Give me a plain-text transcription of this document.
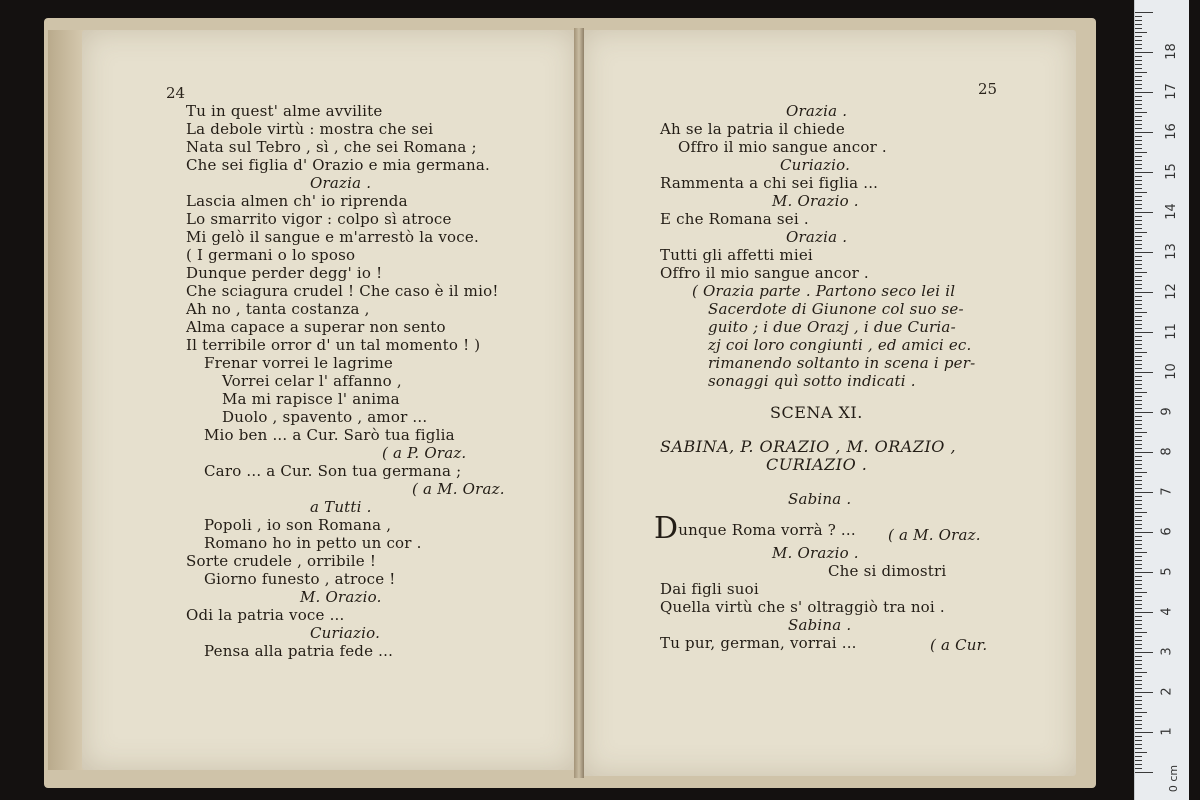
24	25
Tu in quest' alme avvilite
La debole virtù : mostra che sei
Nata sul Tebro , sì , che sei Romana ;
Che sei figlia d' Orazio e mia germana.
Orazia .
Lascia almen ch' io riprenda
Lo smarrito vigor : colpo sì atroce
Mi gelò il sangue e m'arrestò la voce.
( I germani o lo sposo
Dunque perder degg' io !
Che sciagura crudel ! Che caso è il mio!
Ah no , tanta costanza ,
Alma capace a superar non sento
Il terribile orror d' un tal momento ! )
Frenar vorrei le lagrime
Vorrei celar l' affanno ,
Ma mi rapisce l' anima
Duolo , spavento , amor ...
Mio ben ... a Cur. Sarò tua figlia
( a P. Oraz.
Caro ... a Cur. Son tua germana ;
( a M. Oraz.
a Tutti .
Popoli , io son Romana ,
Romano ho in petto un cor .
Sorte crudele , orribile !
Giorno funesto , atroce !
M. Orazio.
Odi la patria voce ...
Curiazio.
Pensa alla patria fede ...
Orazia .
Ah se la patria il chiede
Offro il mio sangue ancor .
Curiazio.
Rammenta a chi sei figlia ...
M. Orazio .
E che Romana sei .
Orazia .
Tutti gli affetti miei
Offro il mio sangue ancor .
( Orazia parte . Partono seco lei il
Sacerdote di Giunone col suo se-
guito ; i due Orazj , i due Curia-
zj coi loro congiunti , ed amici ec.
rimanendo soltanto in scena i per-
sonaggi quì sotto indicati .
SCENA XI.
SABINA, P. ORAZIO , M. ORAZIO ,
CURIAZIO .
Sabina .
Dunque Roma vorrà ? ... ( a M. Oraz.
M. Orazio .
Che si dimostri
Dai figli suoi
Quella virtù che s' oltraggiò tra noi .
Sabina .
Tu pur, german, vorrai ...	( a Cur.
18
17
16
15
14
13
12
11
10
9
8
7
6
5
4
3
2
1
0 cm
